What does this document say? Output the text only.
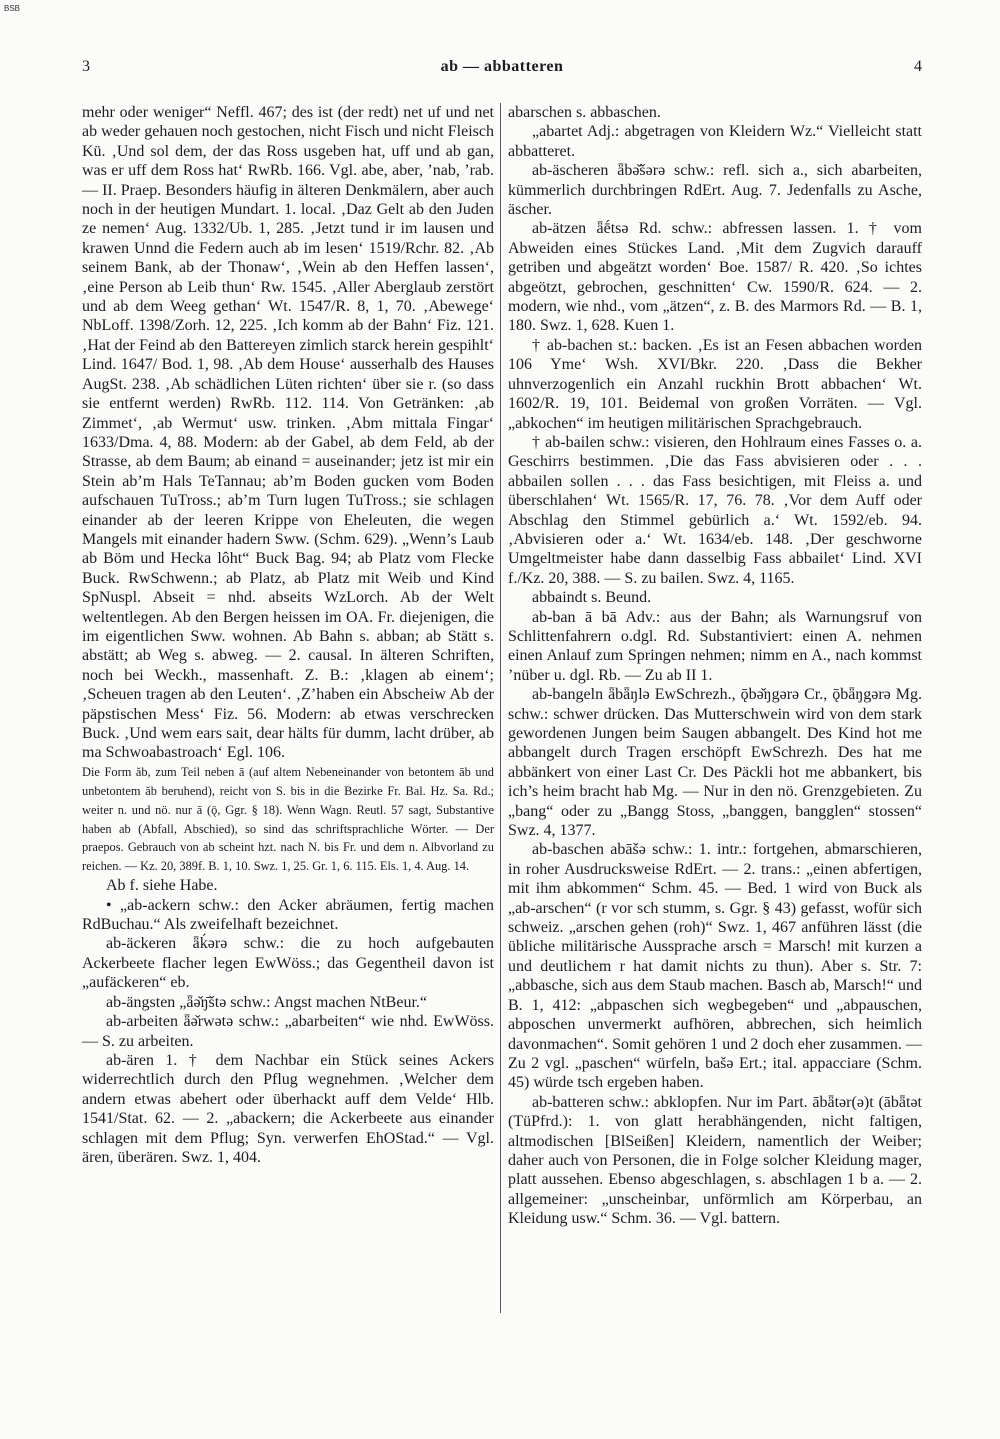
BSB
3	ab — abbatteren	4

mehr oder weniger“ Neffl. 467; des ist (der redt) net uf und net ab weder gehauen noch gestochen, nicht Fisch und nicht Fleisch Kü. ‚Und sol dem, der das Ross usgeben hat, uff und ab gan, was er uff dem Ross hat‘ RwRb. 166. Vgl. abe, aber, ’nab, ’rab. — II. Praep. Besonders häufig in älteren Denkmälern, aber auch noch in der heutigen Mundart. 1. local. ‚Daz Gelt ab den Juden ze nemen‘ Aug. 1332/Ub. 1, 285. ‚Jetzt tund ir im lausen und krawen Unnd die Federn auch ab im lesen‘ 1519/Rchr. 82. ‚Ab seinem Bank, ab der Thonaw‘, ‚Wein ab den Heffen lassen‘, ‚eine Person ab Leib thun‘ Rw. 1545. ‚Aller Aberglaub zerstört und ab dem Weeg gethan‘ Wt. 1547/R. 8, 1, 70. ‚Abewege‘ NbLoff. 1398/Zorh. 12, 225. ‚Ich komm ab der Bahn‘ Fiz. 121. ‚Hat der Feind ab den Battereyen zimlich starck herein gespihlt‘ Lind. 1647/ Bod. 1, 98. ‚Ab dem House‘ ausserhalb des Hauses AugSt. 238. ‚Ab schädlichen Lüten richten‘ über sie r. (so dass sie entfernt werden) RwRb. 112. 114. Von Getränken: ‚ab Zimmet‘, ‚ab Wermut‘ usw. trinken. ‚Abm mittala Fingar‘ 1633/Dma. 4, 88. Modern: ab der Gabel, ab dem Feld, ab der Strasse, ab dem Baum; ab einand = auseinander; jetz ist mir ein Stein ab’m Hals TeTannau; ab’m Boden gucken vom Boden aufschauen TuTross.; ab’m Turn lugen TuTross.; sie schlagen einander ab der leeren Krippe von Eheleuten, die wegen Mangels mit einander hadern Sww. (Schm. 629). „Wenn’s Laub ab Böm und Hecka lôht“ Buck Bag. 94; ab Platz vom Flecke Buck. RwSchwenn.; ab Platz, ab Platz mit Weib und Kind SpNuspl. Abseit = nhd. abseits WzLorch. Ab der Welt weltentlegen. Ab den Bergen heissen im OA. Fr. diejenigen, die im eigentlichen Sww. wohnen. Ab Bahn s. abban; ab Stätt s. abstätt; ab Weg s. abweg. — 2. causal. In älteren Schriften, noch bei Weckh., massenhaft. Z. B.: ‚klagen ab einem‘; ‚Scheuen tragen ab den Leuten‘. ‚Z’haben ein Abscheiw Ab der päpstischen Mess‘ Fiz. 56. Modern: ab etwas verschrecken Buck. ‚Und wem ears sait, dear hälts für dumm, lacht drüber, ab ma Schwoabastroach‘ Egl. 106.

Die Form ăb, zum Teil neben ā (auf altem Nebeneinander von betontem āb und unbetontem ăb beruhend), reicht von S. bis in die Bezirke Fr. Bal. Hz. Sa. Rd.; weiter n. und nö. nur ā (ǭ, Ggr. § 18). Wenn Wagn. Reutl. 57 sagt, Substantive haben ab (Abfall, Abschied), so sind das schriftsprachliche Wörter. — Der praepos. Gebrauch von ab scheint hzt. nach N. bis Fr. und dem n. Albvorland zu reichen. — Kz. 20, 389f. B. 1, 10. Swz. 1, 25. Gr. 1, 6. 115. Els. 1, 4. Aug. 14.

Ab f. siehe Habe.

• „ab-ackern schw.: den Acker abräumen, fertig machen RdBuchau.“ Als zweifelhaft bezeichnet.

ab-äckeren ǟḱərə schw.: die zu hoch aufgebauten Ackerbeete flacher legen EwWöss.; das Gegentheil davon ist „aufäckeren“ eb.

ab-ängsten „ǟǝ̌ŋ̄štə schw.: Angst machen NtBeur.“

ab-arbeiten ǟǝ̌rwətə schw.: „abarbeiten“ wie nhd. EwWöss. — S. zu arbeiten.

ab-ären 1. † dem Nachbar ein Stück seines Ackers widerrechtlich durch den Pflug wegnehmen. ‚Welcher dem andern etwas abehert oder überhackt auff dem Velde‘ Hlb. 1541/Stat. 62. — 2. „abackern; die Ackerbeete aus einander schlagen mit dem Pflug; Syn. verwerfen EhOStad.“ — Vgl. ären, überären. Swz. 1, 404.

abarschen s. abbaschen.

„abartet Adj.: abgetragen von Kleidern Wz.“ Vielleicht statt abbatteret.

ab-äscheren ǟbǝ̌šərə schw.: refl. sich a., sich abarbeiten, kümmerlich durchbringen RdErt. Aug. 7. Jedenfalls zu Asche, äscher.

ab-ätzen ǟḗtsə Rd. schw.: abfressen lassen. 1. † vom Abweiden eines Stückes Land. ‚Mit dem Zugvich darauff getriben und abgeätzt worden‘ Boe. 1587/ R. 420. ‚So ichtes abgeötzt, gebrochen, geschnitten‘ Cw. 1590/R. 624. — 2. modern, wie nhd., vom „ätzen“, z. B. des Marmors Rd. — B. 1, 180. Swz. 1, 628. Kuen 1.

† ab-bachen st.: backen. ‚Es ist an Fesen abbachen worden 106 Yme‘ Wsh. XVI/Bkr. 220. ‚Dass die Bekher uhnverzogenlich ein Anzahl ruckhin Brott abbachen‘ Wt. 1602/R. 19, 101. Beidemal von großen Vorräten. — Vgl. „abkochen“ im heutigen militärischen Sprachgebrauch.

† ab-bailen schw.: visieren, den Hohlraum eines Fasses o. a. Geschirrs bestimmen. ‚Die das Fass abvisieren oder . . . abbailen sollen . . . das Fass besichtigen, mit Fleiss a. und überschlahen‘ Wt. 1565/R. 17, 76. 78. ‚Vor dem Auff oder Abschlag den Stimmel gebürlich a.‘ Wt. 1592/eb. 94. ‚Abvisieren oder a.‘ Wt. 1634/eb. 148. ‚Der geschworne Umgeltmeister habe dann dasselbig Fass abbailet‘ Lind. XVI f./Kz. 20, 388. — S. zu bailen. Swz. 4, 1165.

abbaindt s. Beund.

ab-ban ā bā Adv.: aus der Bahn; als Warnungsruf von Schlittenfahrern o.dgl. Rd. Substantiviert: einen A. nehmen einen Anlauf zum Springen nehmen; nimm en A., nach kommst ’nüber u. dgl. Rb. — Zu ab II 1.

ab-bangeln ǟbǟŋlə EwSchrezh., ǭbǝ̌ŋgərə Cr., ǭbǟŋgərə Mg. schw.: schwer drücken. Das Mutterschwein wird von dem stark gewordenen Jungen beim Saugen abbangelt. Des Kind hot me abbangelt durch Tragen erschöpft EwSchrezh. Des hat me abbänkert von einer Last Cr. Des Päckli hot me abbankert, bis ich’s heim bracht hab Mg. — Nur in den nö. Grenzgebieten. Zu „bang“ oder zu „Bangg Stoss, „banggen, bangglen“ stossen“ Swz. 4, 1377.

ab-baschen abāšə schw.: 1. intr.: fortgehen, abmarschieren, in roher Ausdrucksweise RdErt. — 2. trans.: „einen abfertigen, mit ihm abkommen“ Schm. 45. — Bed. 1 wird von Buck als „ab-arschen“ (r vor sch stumm, s. Ggr. § 43) gefasst, wofür sich schweiz. „arschen gehen (roh)“ Swz. 1, 467 anführen lässt (die übliche militärische Aussprache arsch = Marsch! mit kurzen a und deutlichem r hat damit nichts zu thun). Aber s. Str. 7: „abbasche, sich aus dem Staub machen. Basch ab, Marsch!“ und B. 1, 412: „abpaschen sich wegbegeben“ und „abpauschen, abposchen unvermerkt aufhören, abbrechen, sich heimlich davonmachen“. Somit gehören 1 und 2 doch eher zusammen. — Zu 2 vgl. „paschen“ würfeln, bašə Ert.; ital. appacciare (Schm. 45) würde tsch ergeben haben.

ab-batteren schw.: abklopfen. Nur im Part. ābǟtər(ə)t (ābǟtət (TüPfrd.): 1. von glatt herabhängenden, nicht faltigen, altmodischen [BlSeißen] Kleidern, namentlich der Weiber; daher auch von Personen, die in Folge solcher Kleidung mager, platt aussehen. Ebenso abgeschlagen, s. abschlagen 1 b a. — 2. allgemeiner: „unscheinbar, unförmlich am Körperbau, an Kleidung usw.“ Schm. 36. — Vgl. battern.
